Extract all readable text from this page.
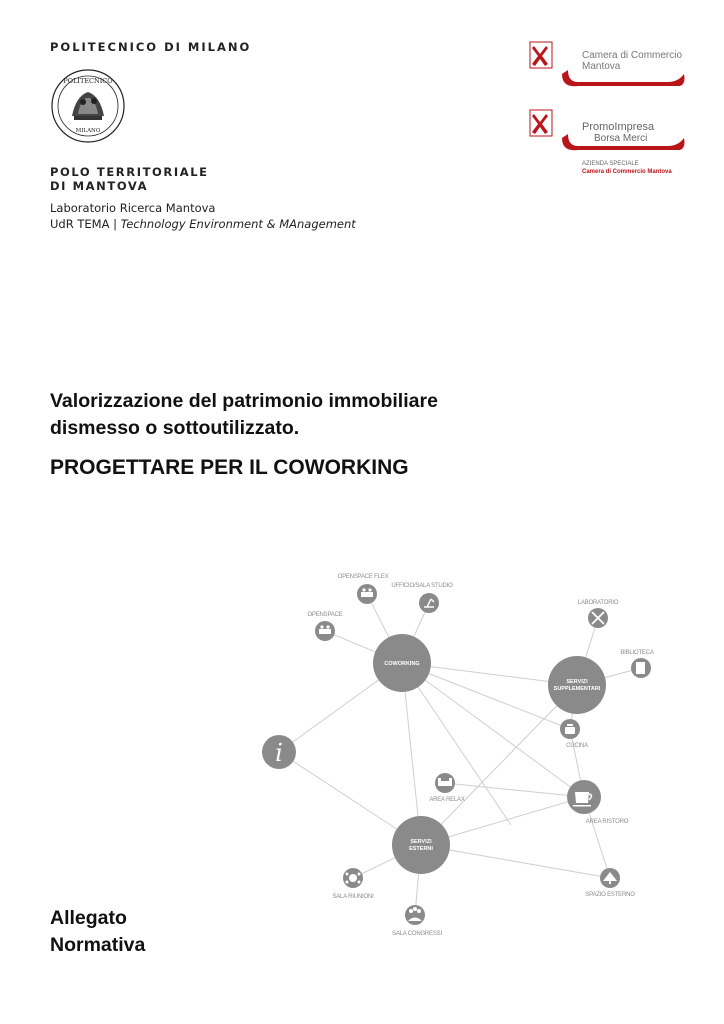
POLITECNICO DI MILANO
POLITECNICO
MILANO
POLO TERRITORIALE
DI MANTOVA
Laboratorio Ricerca Mantova
UdR TEMA | Technology Environment & MAnagement
Camera di Commercio
Mantova
PromoImpresa
Borsa Merci
AZIENDA SPECIALE
Camera di Commercio Mantova
Valorizzazione del patrimonio immobiliare
dismesso o sottoutilizzato.
PROGETTARE PER IL COWORKING
COWORKING
SERVIZI
SUPPLEMENTARI
SERVIZI
ESTERNI
i
OPENSPACE FLEX
UFFICIO/SALA STUDIO
OPENSPACE
LABORATORIO
BIBLIOTECA
CUCINA
AREA RELAX
AREA RISTORO
SALA RIUNIONI
SALA CONGRESSI
SPAZIO ESTERNO
Allegato
Normativa
